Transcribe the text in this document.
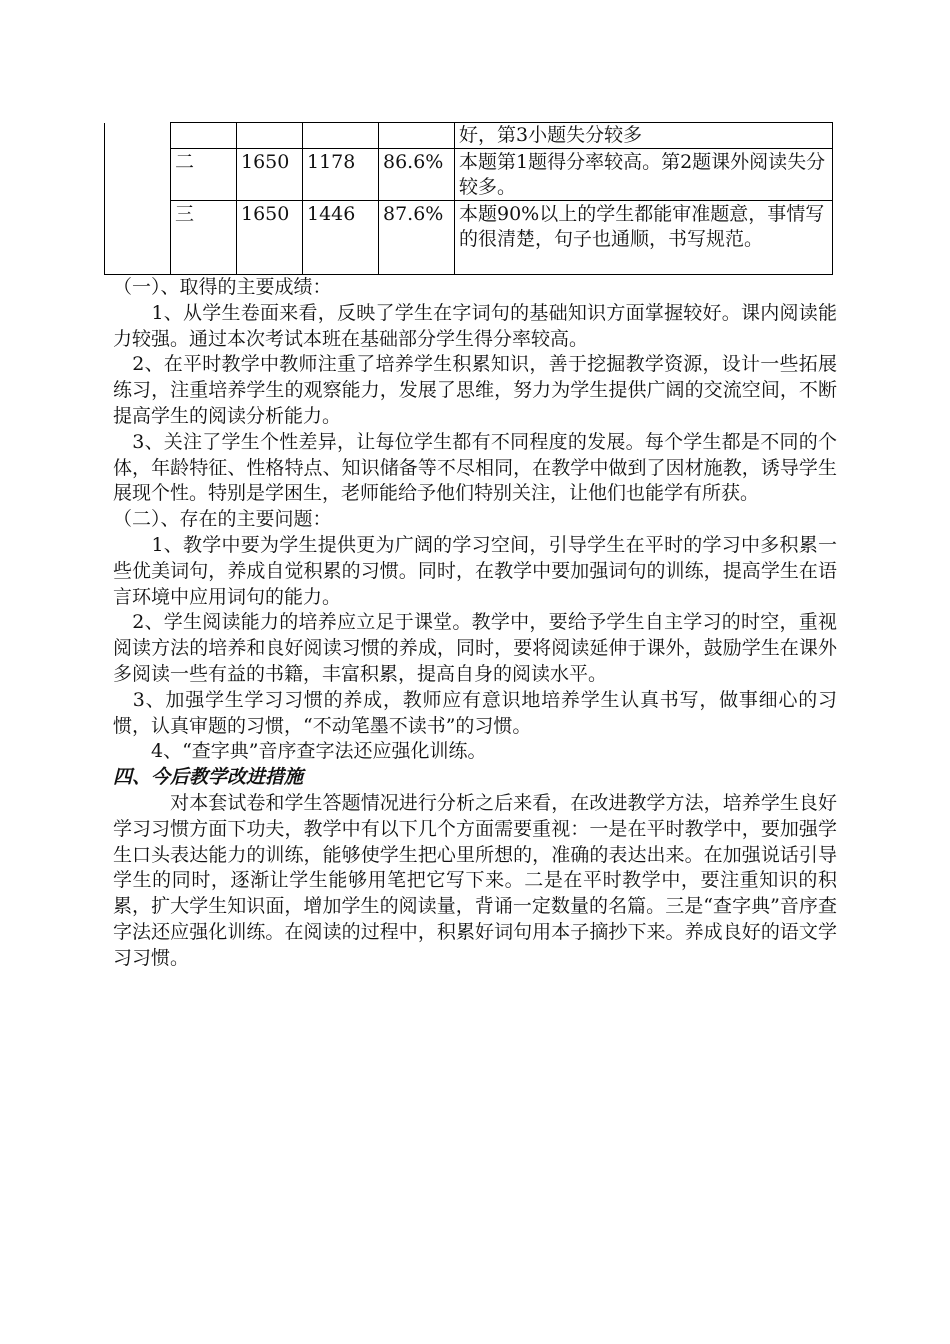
					好，第3小题失分较多
	二	1650	1178	86.6%	本题第1题得分率较高。第2题课外阅读失分较多。
	三	1650	1446	87.6%	本题90%以上的学生都能审准题意，事情写的很清楚，句子也通顺，书写规范。

（一）、取得的主要成绩：

　　1、从学生卷面来看，反映了学生在字词句的基础知识方面掌握较好。课内阅读能力较强。通过本次考试本班在基础部分学生得分率较高。

　2、在平时教学中教师注重了培养学生积累知识，善于挖掘教学资源，设计一些拓展练习，注重培养学生的观察能力，发展了思维，努力为学生提供广阔的交流空间，不断提高学生的阅读分析能力。

　3、关注了学生个性差异，让每位学生都有不同程度的发展。每个学生都是不同的个体，年龄特征、性格特点、知识储备等不尽相同，在教学中做到了因材施教，诱导学生展现个性。特别是学困生，老师能给予他们特别关注，让他们也能学有所获。

（二）、存在的主要问题：

　　1、教学中要为学生提供更为广阔的学习空间，引导学生在平时的学习中多积累一些优美词句，养成自觉积累的习惯。同时，在教学中要加强词句的训练，提高学生在语言环境中应用词句的能力。

　2、学生阅读能力的培养应立足于课堂。教学中，要给予学生自主学习的时空，重视阅读方法的培养和良好阅读习惯的养成，同时，要将阅读延伸于课外，鼓励学生在课外多阅读一些有益的书籍，丰富积累，提高自身的阅读水平。

　3、加强学生学习习惯的养成，教师应有意识地培养学生认真书写，做事细心的习惯，认真审题的习惯，“不动笔墨不读书”的习惯。

　　4、“查字典”音序查字法还应强化训练。

四、今后教学改进措施

　　　对本套试卷和学生答题情况进行分析之后来看，在改进教学方法，培养学生良好学习习惯方面下功夫，教学中有以下几个方面需要重视：一是在平时教学中，要加强学生口头表达能力的训练，能够使学生把心里所想的，准确的表达出来。在加强说话引导学生的同时，逐渐让学生能够用笔把它写下来。二是在平时教学中，要注重知识的积累，扩大学生知识面，增加学生的阅读量，背诵一定数量的名篇。三是“查字典”音序查字法还应强化训练。在阅读的过程中，积累好词句用本子摘抄下来。养成良好的语文学习习惯。
